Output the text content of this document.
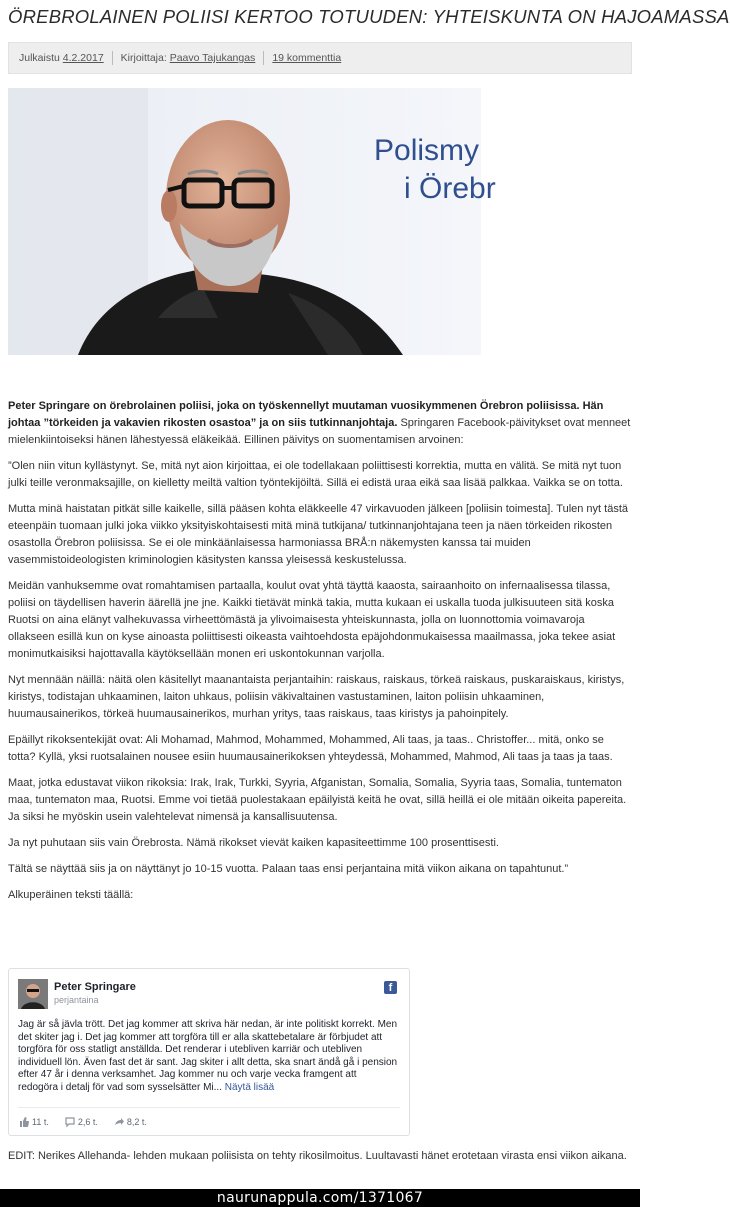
ÖREBROLAINEN POLIISI KERTOO TOTUUDEN: YHTEISKUNTA ON HAJOAMASSA
Julkaistu
4.2.2017 Kirjoittaja:
Paavo Tajukangas 19 kommenttia
Polismy
i Örebr

Peter Springare on örebrolainen poliisi, joka on työskennellyt muutaman vuosikymmenen Örebron poliisissa. Hän johtaa ”törkeiden ja vakavien rikosten osastoa” ja on siis tutkinnanjohtaja. Springaren Facebook-päivitykset ovat menneet mielenkiintoiseksi hänen lähestyessä eläkeikää. Eillinen päivitys on suomentamisen arvoinen:

”Olen niin vitun kyllästynyt. Se, mitä nyt aion kirjoittaa, ei ole todellakaan poliittisesti korrektia, mutta en välitä. Se mitä nyt tuon julki teille veronmaksajille, on kielletty meiltä valtion työntekijöiltä. Sillä ei edistä uraa eikä saa lisää palkkaa. Vaikka se on totta.

Mutta minä haistatan pitkät sille kaikelle, sillä pääsen kohta eläkkeelle 47 virkavuoden jälkeen [poliisin toimesta]. Tulen nyt tästä eteenpäin tuomaan julki joka viikko yksityiskohtaisesti mitä minä tutkijana/ tutkinnanjohtajana teen ja näen törkeiden rikosten osastolla Örebron poliisissa. Se ei ole minkäänlaisessa harmoniassa BRÅ:n näkemysten kanssa tai muiden vasemmistoideologisten kriminologien käsitysten kanssa yleisessä keskustelussa.

Meidän vanhuksemme ovat romahtamisen partaalla, koulut ovat yhtä täyttä kaaosta, sairaanhoito on infernaalisessa tilassa, poliisi on täydellisen haverin äärellä jne jne. Kaikki tietävät minkä takia, mutta kukaan ei uskalla tuoda julkisuuteen sitä koska Ruotsi on aina elänyt valhekuvassa virheettömästä ja ylivoimaisesta yhteiskunnasta, jolla on luonnottomia voimavaroja ollakseen esillä kun on kyse ainoasta poliittisesti oikeasta vaihtoehdosta epäjohdonmukaisessa maailmassa, joka tekee asiat monimutkaisiksi hajottavalla käytöksellään monen eri uskontokunnan varjolla.

Nyt mennään näillä: näitä olen käsitellyt maanantaista perjantaihin: raiskaus, raiskaus, törkeä raiskaus, puskaraiskaus, kiristys, kiristys, todistajan uhkaaminen, laiton uhkaus, poliisin väkivaltainen vastustaminen, laiton poliisin uhkaaminen, huumausainerikos, törkeä huumausainerikos, murhan yritys, taas raiskaus, taas kiristys ja pahoinpitely.

Epäillyt rikoksentekijät ovat: Ali Mohamad, Mahmod, Mohammed, Mohammed, Ali taas, ja taas.. Christoffer... mitä, onko se totta? Kyllä, yksi ruotsalainen nousee esiin huumausainerikoksen yhteydessä, Mohammed, Mahmod, Ali taas ja taas ja taas.

Maat, jotka edustavat viikon rikoksia: Irak, Irak, Turkki, Syyria, Afganistan, Somalia, Somalia, Syyria taas, Somalia, tuntematon maa, tuntematon maa, Ruotsi. Emme voi tietää puolestakaan epäilyistä keitä he ovat, sillä heillä ei ole mitään oikeita papereita. Ja siksi he myöskin usein valehtelevat nimensä ja kansallisuutensa.

Ja nyt puhutaan siis vain Örebrosta. Nämä rikokset vievät kaiken kapasiteettimme 100 prosenttisesti.

Tältä se näyttää siis ja on näyttänyt jo 10-15 vuotta. Palaan taas ensi perjantaina mitä viikon aikana on tapahtunut.”

Alkuperäinen teksti täällä:

Peter Springare
perjantaina
f
Jag är så jävla trött. Det jag kommer att skriva här nedan, är inte politiskt korrekt. Men det skiter jag i. Det jag kommer att torgföra till er alla skattebetalare är förbjudet att torgföra för oss statligt anställda. Det renderar i utebliven karriär och utebliven individuell lön. Även fast det är sant. Jag skiter i allt detta, ska snart ändå gå i pension efter 47 år i denna verksamhet. Jag kommer nu och varje vecka framgent att redogöra i detalj för vad som sysselsätter Mi... Näytä lisää
11 t.	2,6 t.	8,2 t.
EDIT: Nerikes Allehanda- lehden mukaan poliisista on tehty rikosilmoitus. Luultavasti hänet erotetaan virasta ensi viikon aikana.
naurunappula.com/1371067
